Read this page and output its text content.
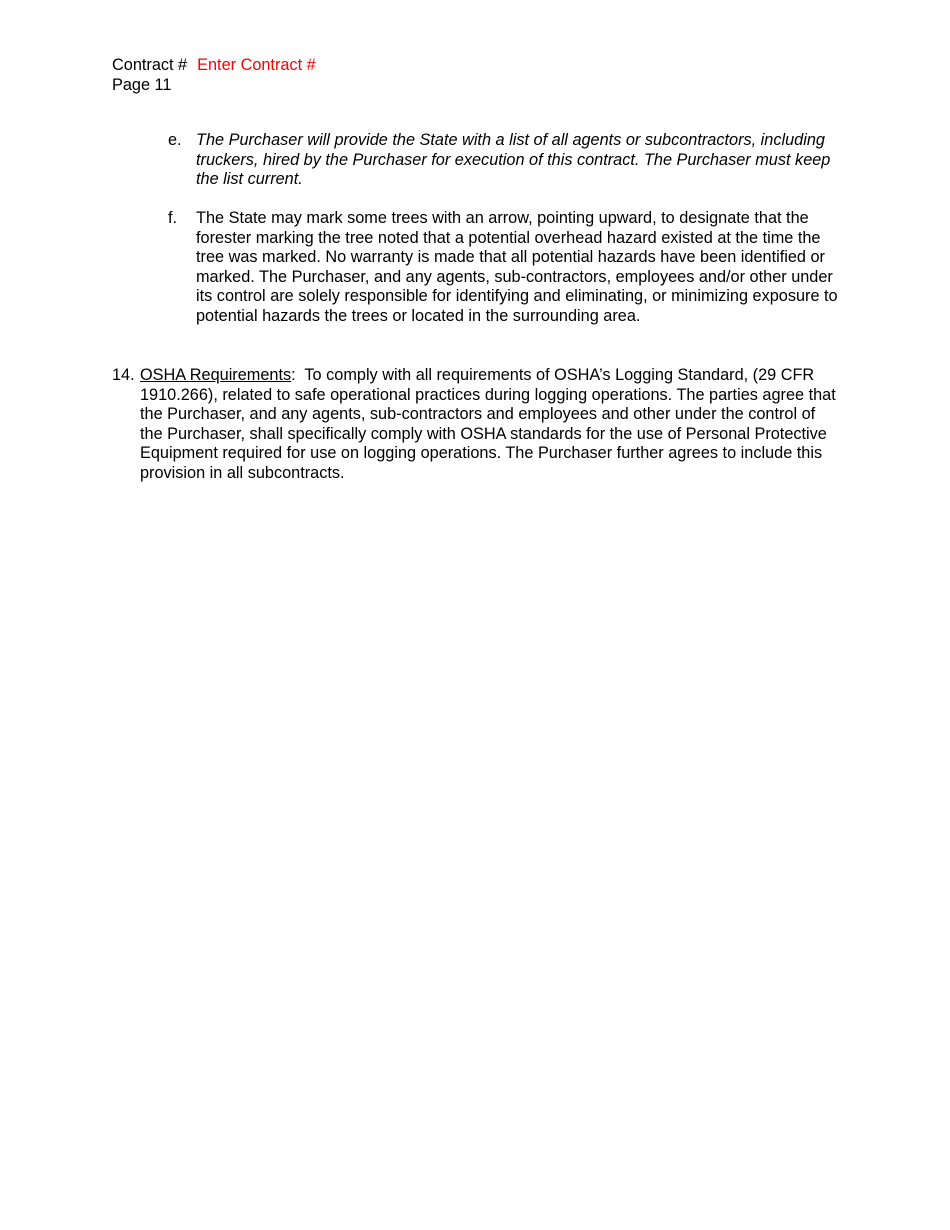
Contract # Enter Contract #
Page 11
e. The Purchaser will provide the State with a list of all agents or subcontractors, including truckers, hired by the Purchaser for execution of this contract. The Purchaser must keep the list current.
f. The State may mark some trees with an arrow, pointing upward, to designate that the forester marking the tree noted that a potential overhead hazard existed at the time the tree was marked. No warranty is made that all potential hazards have been identified or marked. The Purchaser, and any agents, sub-contractors, employees and/or other under its control are solely responsible for identifying and eliminating, or minimizing exposure to potential hazards the trees or located in the surrounding area.
14. OSHA Requirements:  To comply with all requirements of OSHA’s Logging Standard, (29 CFR 1910.266), related to safe operational practices during logging operations. The parties agree that the Purchaser, and any agents, sub-contractors and employees and other under the control of the Purchaser, shall specifically comply with OSHA standards for the use of Personal Protective Equipment required for use on logging operations. The Purchaser further agrees to include this provision in all subcontracts.
